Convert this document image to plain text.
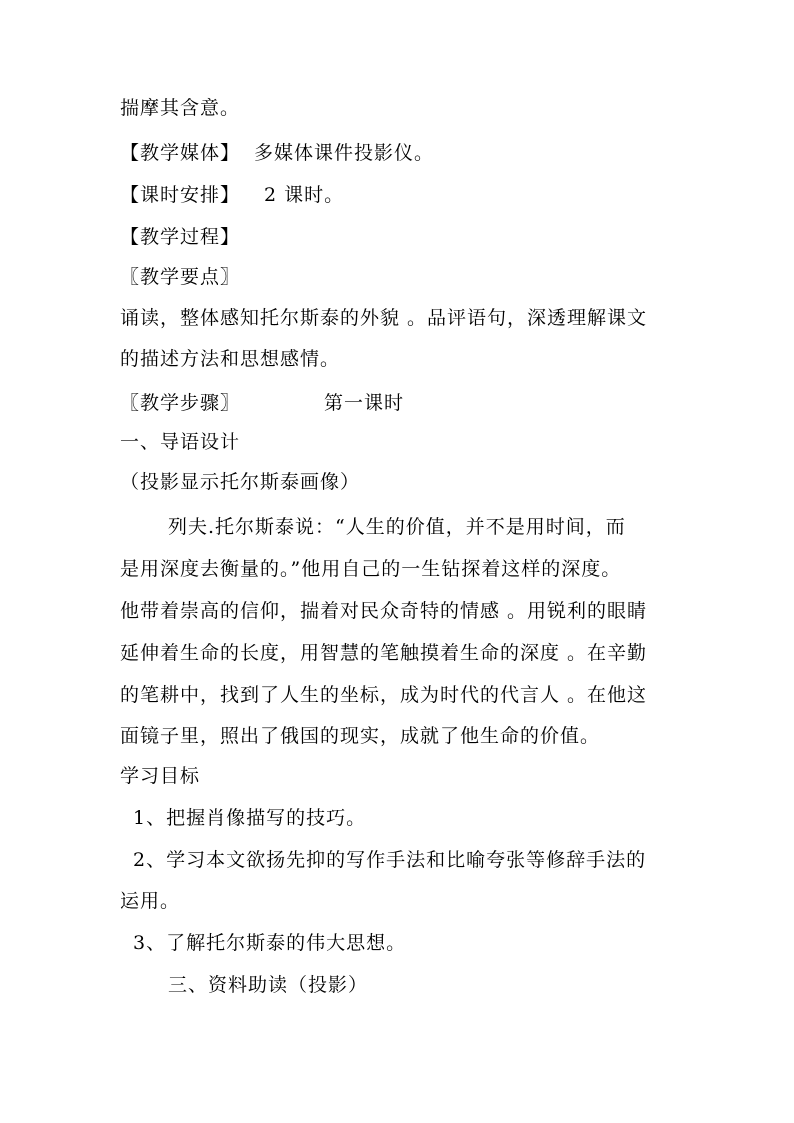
揣摩其含意。
【教学媒体】 多媒体课件投影仪。
【课时安排】 2 课时。
【教学过程】
〖教学要点〗
诵读，整体感知托尔斯泰的外貌 。品评语句，深透理解课文
的描述方法和思想感情。
〖教学步骤〗	第一课时
一、导语设计
（投影显示托尔斯泰画像）
列夫.托尔斯泰说：“人生的价值，并不是用时间，而
是用深度去衡量的。”他用自己的一生钻探着这样的深度。
他带着崇高的信仰，揣着对民众奇特的情感 。用锐利的眼睛
延伸着生命的长度，用智慧的笔触摸着生命的深度 。在辛勤
的笔耕中，找到了人生的坐标，成为时代的代言人 。在他这
面镜子里，照出了俄国的现实，成就了他生命的价值。
学习目标
1、把握肖像描写的技巧。
2、学习本文欲扬先抑的写作手法和比喻夸张等修辞手法的
运用。
3、了解托尔斯泰的伟大思想。
三、资料助读（投影）
